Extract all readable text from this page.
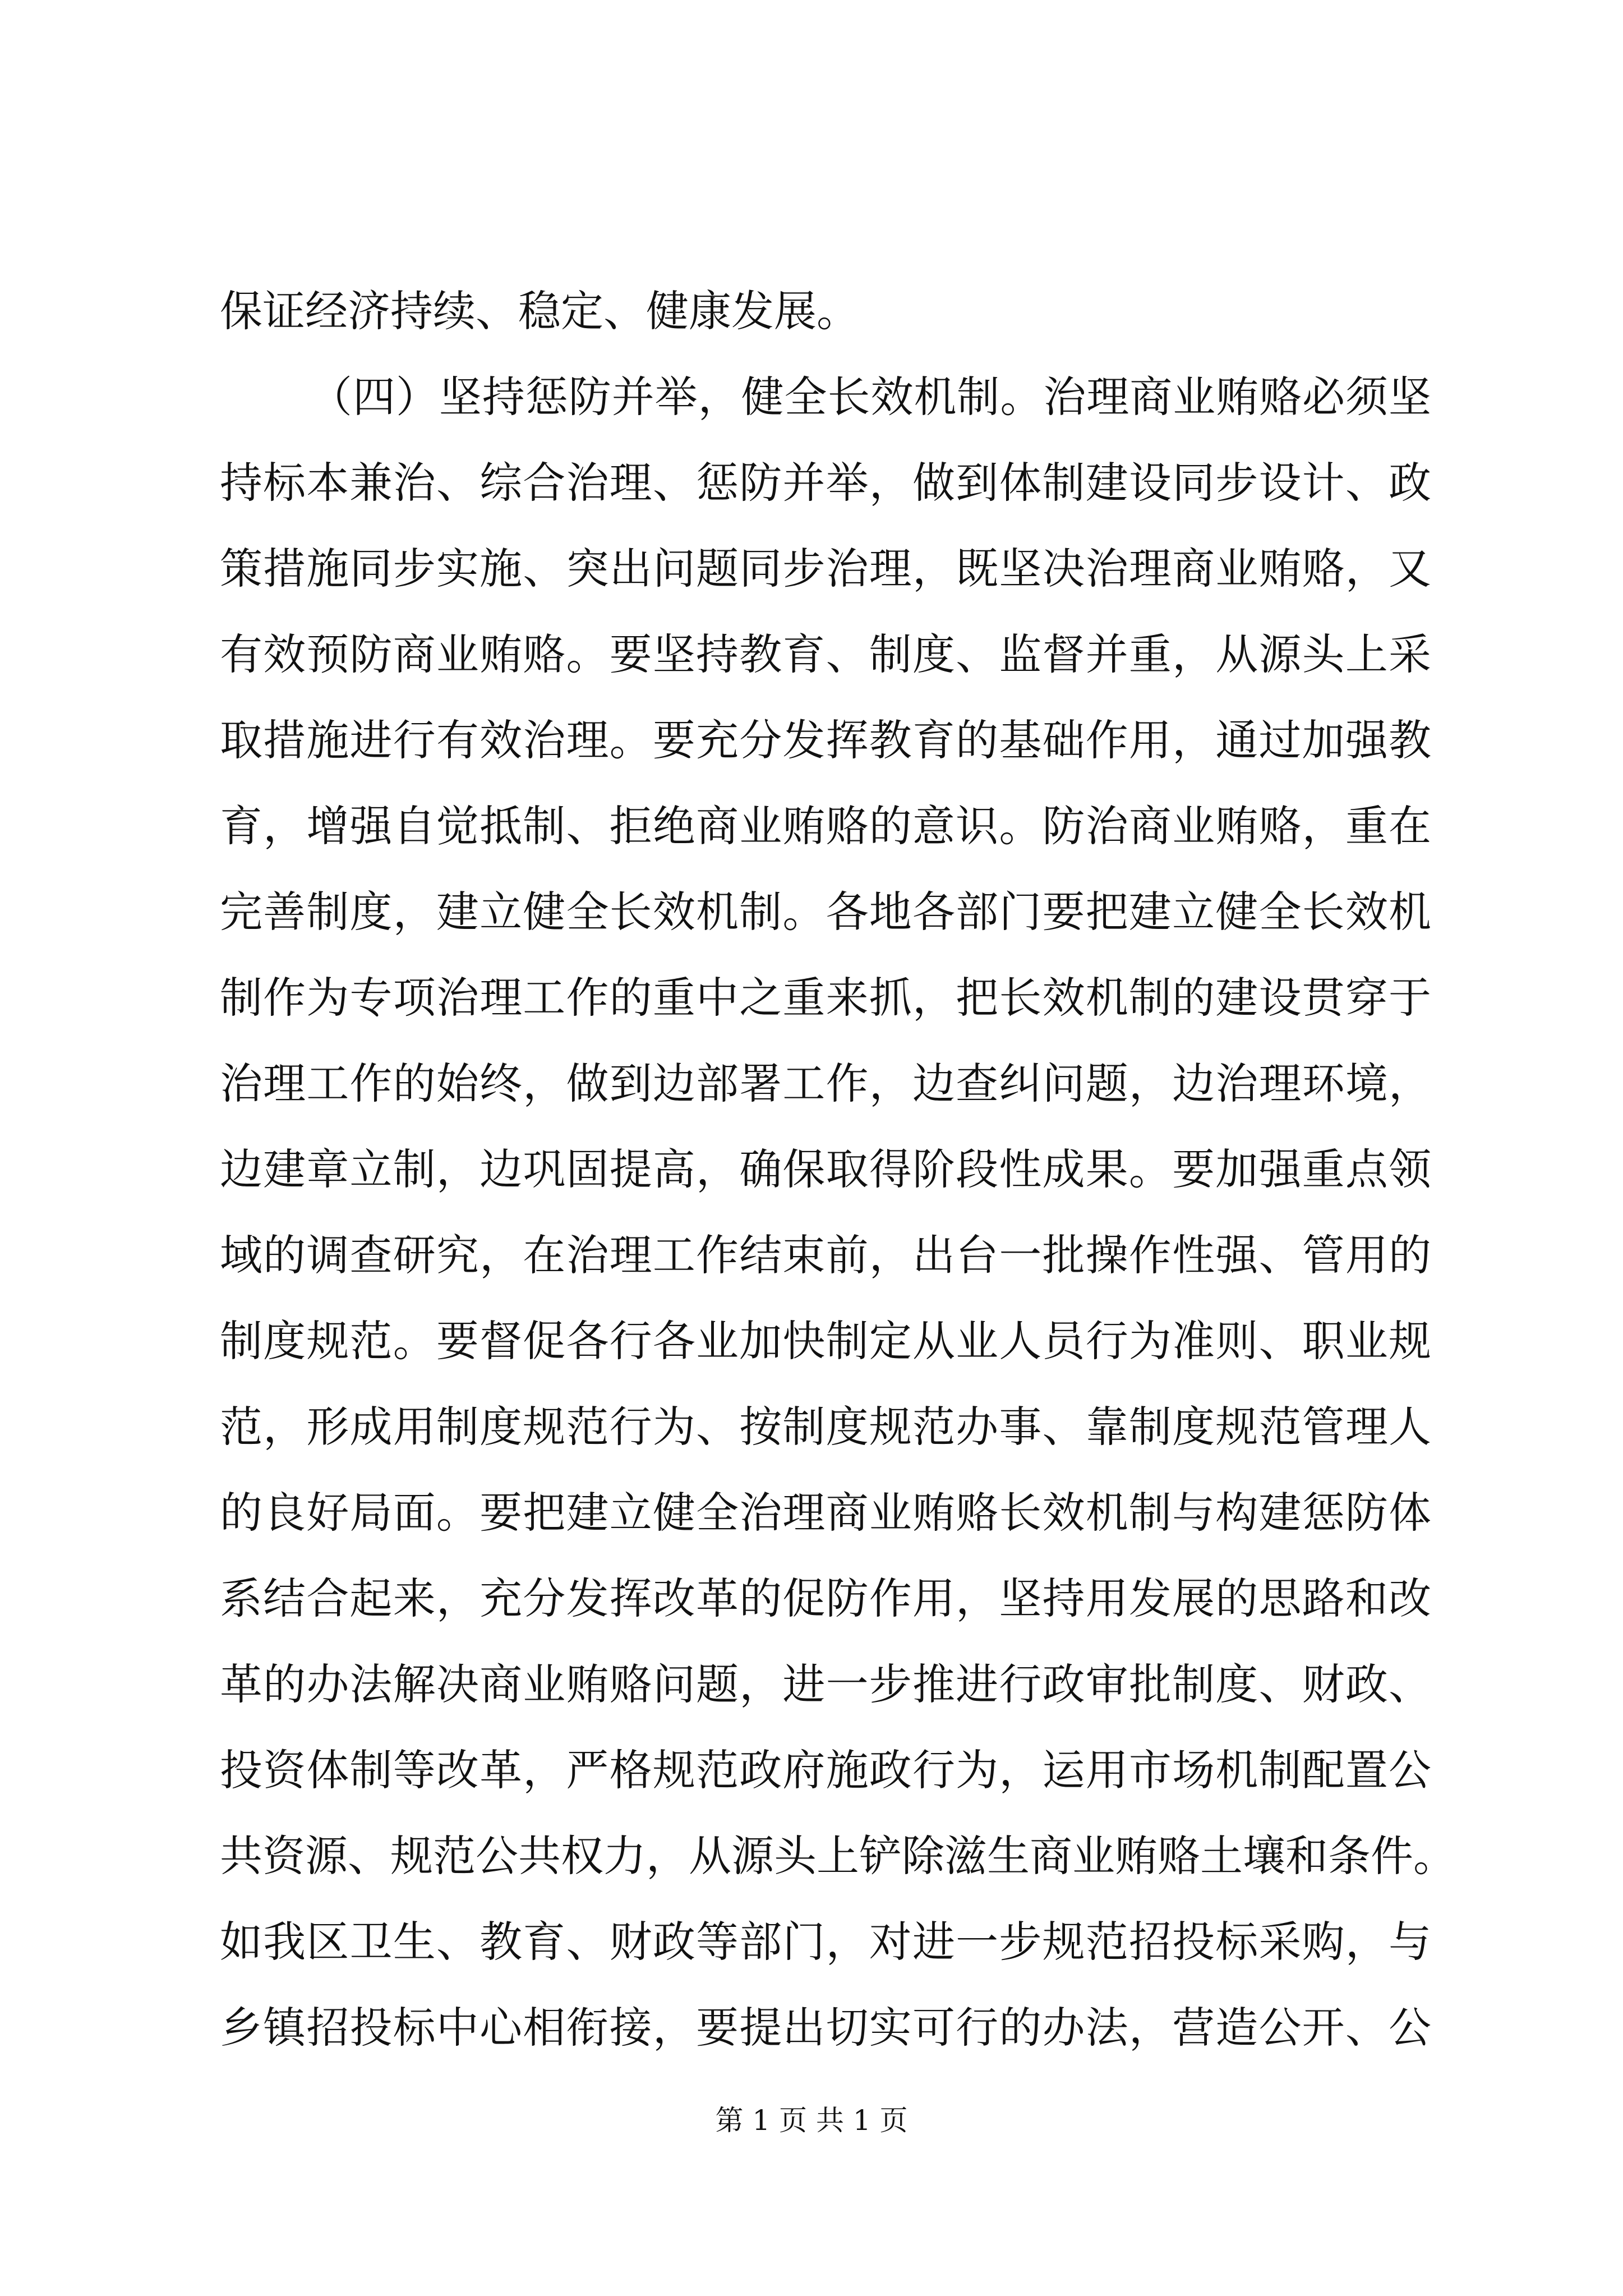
保证经济持续、稳定、健康发展。
（四）坚持惩防并举，健全长效机制。治理商业贿赂必须坚
持标本兼治、综合治理、惩防并举，做到体制建设同步设计、政
策措施同步实施、突出问题同步治理，既坚决治理商业贿赂，又
有效预防商业贿赂。要坚持教育、制度、监督并重，从源头上采
取措施进行有效治理。要充分发挥教育的基础作用，通过加强教
育，增强自觉抵制、拒绝商业贿赂的意识。防治商业贿赂，重在
完善制度，建立健全长效机制。各地各部门要把建立健全长效机
制作为专项治理工作的重中之重来抓，把长效机制的建设贯穿于
治理工作的始终，做到边部署工作，边查纠问题，边治理环境，
边建章立制，边巩固提高，确保取得阶段性成果。要加强重点领
域的调查研究，在治理工作结束前，出台一批操作性强、管用的
制度规范。要督促各行各业加快制定从业人员行为准则、职业规
范，形成用制度规范行为、按制度规范办事、靠制度规范管理人
的良好局面。要把建立健全治理商业贿赂长效机制与构建惩防体
系结合起来，充分发挥改革的促防作用，坚持用发展的思路和改
革的办法解决商业贿赂问题，进一步推进行政审批制度、财政、
投资体制等改革，严格规范政府施政行为，运用市场机制配置公
共资源、规范公共权力，从源头上铲除滋生商业贿赂土壤和条件。
如我区卫生、教育、财政等部门，对进一步规范招投标采购，与
乡镇招投标中心相衔接，要提出切实可行的办法，营造公开、公
第 1 页 共 1 页
